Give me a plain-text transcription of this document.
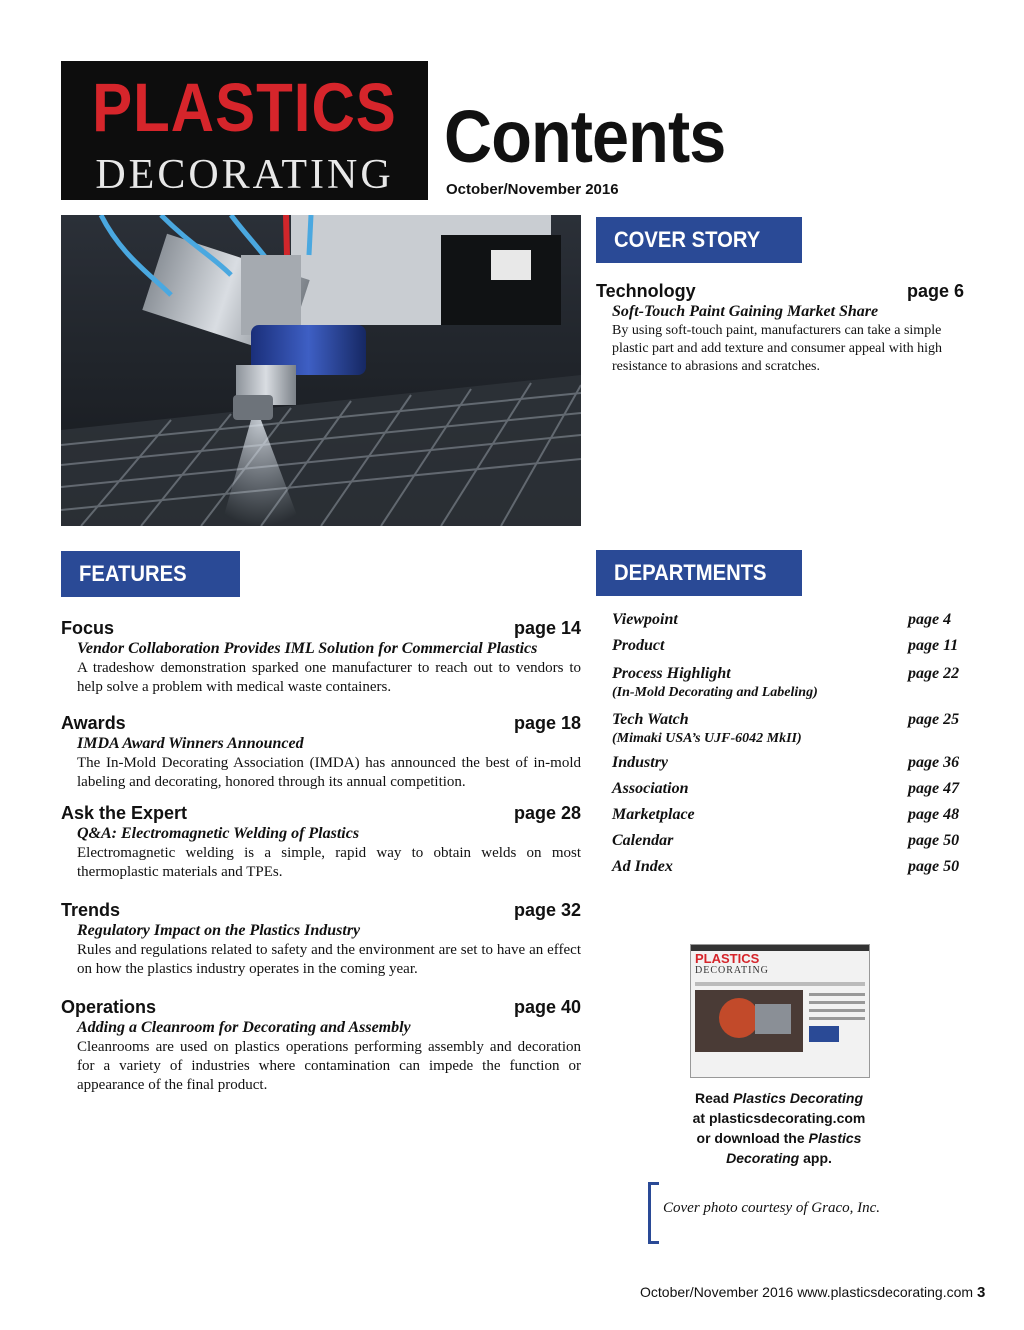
PLASTICS
DECORATING Contents
October/November 2016
COVER STORY
Technology	page 6
Soft-Touch Paint Gaining Market Share
By using soft-touch paint, manufacturers can take a simple plastic part and add texture and consumer appeal with high resistance to abrasions and scratches.
FEATURES
Focus	page 14
Vendor Collaboration Provides IML Solution for Commercial Plastics
A tradeshow demonstration sparked one manufacturer to reach out to vendors to help solve a problem with medical waste containers.
Awards	page 18
IMDA Award Winners Announced
The In-Mold Decorating Association (IMDA) has announced the best of in-mold labeling and decorating, honored through its annual competition.
Ask the Expert	page 28
Q&A: Electromagnetic Welding of Plastics
Electromagnetic welding is a simple, rapid way to obtain welds on most thermoplastic materials and TPEs.
Trends	page 32
Regulatory Impact on the Plastics Industry
Rules and regulations related to safety and the environment are set to have an effect on how the plastics industry operates in the coming year.
Operations	page 40
Adding a Cleanroom for Decorating and Assembly
Cleanrooms are used on plastics operations performing assembly and decoration for a variety of industries where contamination can impede the function or appearance of the final product.
DEPARTMENTS
Viewpoint	page 4
Product	page 11
Process Highlight	page 22
(In-Mold Decorating and Labeling)
Tech Watch	page 25
(Mimaki USA’s UJF-6042 MkII)
Industry	page 36
Association	page 47
Marketplace	page 48
Calendar	page 50
Ad Index	page 50
PLASTICS
DECORATING
Read Plastics Decorating
at plasticsdecorating.com
or download the Plastics
Decorating app.
Cover photo courtesy of Graco, Inc.
October/November 2016 www.plasticsdecorating.com 3
